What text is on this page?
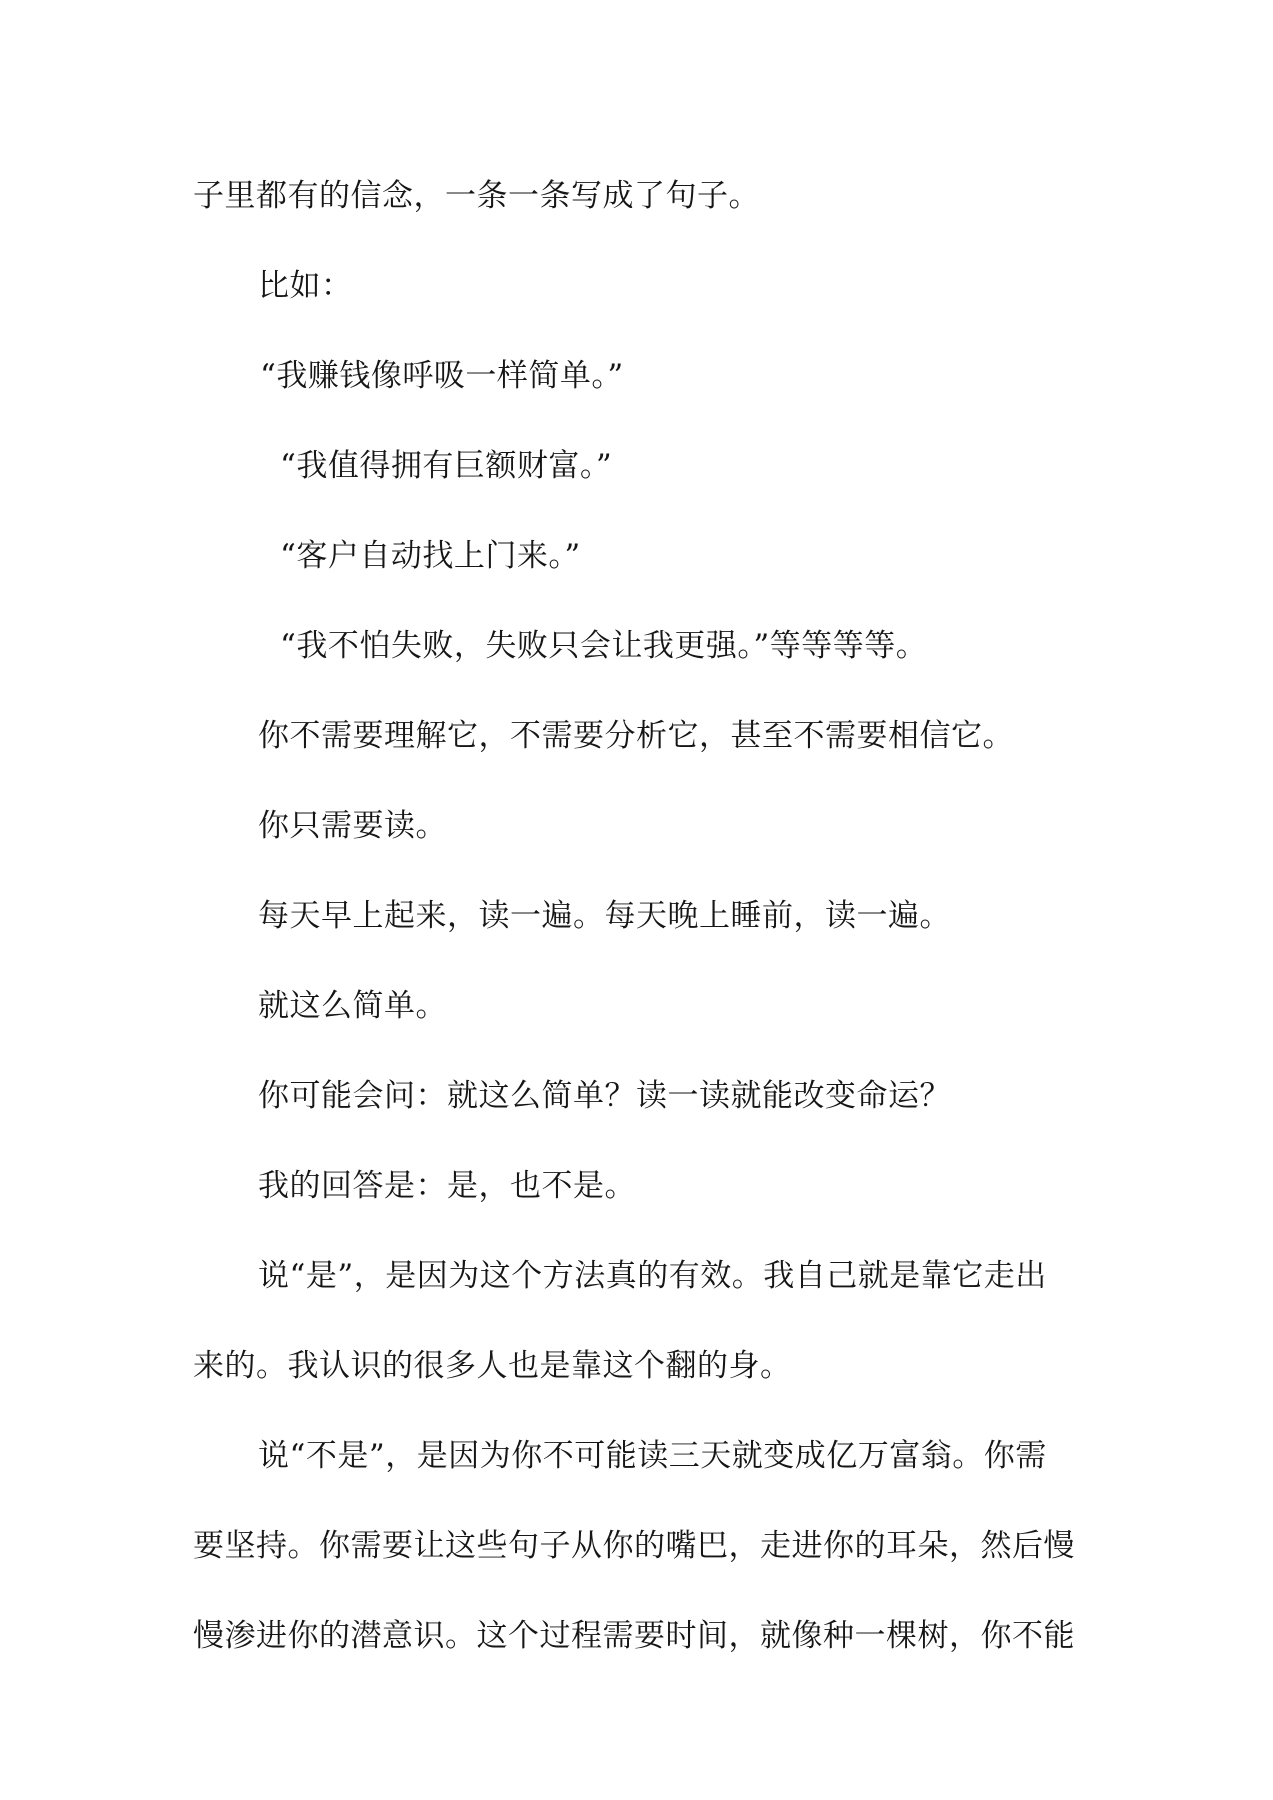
子里都有的信念，一条一条写成了句子。

比如：

“我赚钱像呼吸一样简单。”

“我值得拥有巨额财富。”

“客户自动找上门来。”

“我不怕失败，失败只会让我更强。”等等等等。

你不需要理解它，不需要分析它，甚至不需要相信它。

你只需要读。

每天早上起来，读一遍。每天晚上睡前，读一遍。

就这么简单。

你可能会问：就这么简单？读一读就能改变命运？

我的回答是：是，也不是。

说“是”，是因为这个方法真的有效。我自己就是靠它走出

来的。我认识的很多人也是靠这个翻的身。

说“不是”，是因为你不可能读三天就变成亿万富翁。你需

要坚持。你需要让这些句子从你的嘴巴，走进你的耳朵，然后慢

慢渗进你的潜意识。这个过程需要时间，就像种一棵树，你不能
